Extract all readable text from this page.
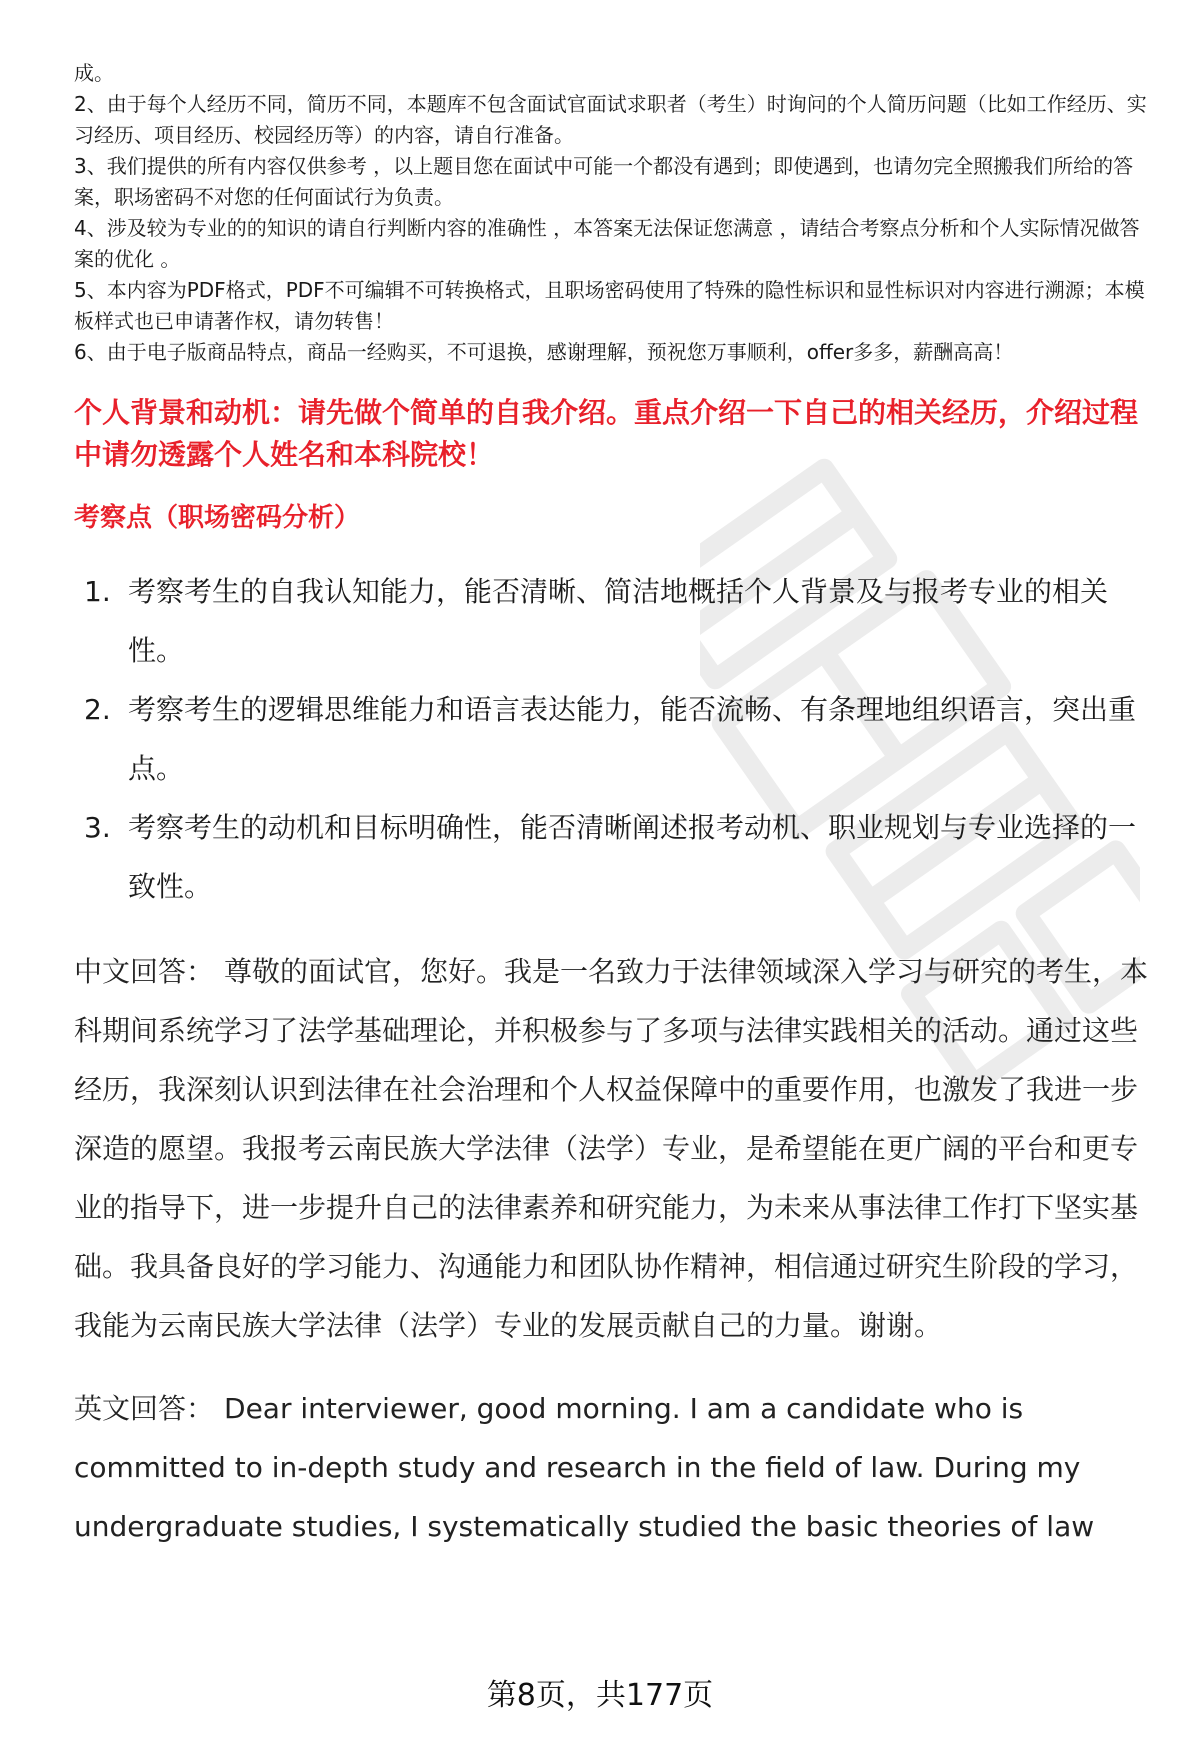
成。

2、由于每个人经历不同，简历不同，本题库不包含面试官面试求职者（考生）时询问的个人简历问题（比如工作经历、实习经历、项目经历、校园经历等）的内容，请自行准备。

3、我们提供的所有内容仅供参考 ，以上题目您在面试中可能一个都没有遇到；即使遇到，也请勿完全照搬我们所给的答案，职场密码不对您的任何面试行为负责。

4、涉及较为专业的的知识的请自行判断内容的准确性 ，本答案无法保证您满意 ，请结合考察点分析和个人实际情况做答案的优化 。

5、本内容为PDF格式，PDF不可编辑不可转换格式，且职场密码使用了特殊的隐性标识和显性标识对内容进行溯源；本模板样式也已申请著作权，请勿转售！

6、由于电子版商品特点，商品一经购买，不可退换，感谢理解，预祝您万事顺利，offer多多，薪酬高高！

个人背景和动机：请先做个简单的自我介绍。重点介绍一下自己的相关经历，介绍过程中请勿透露个人姓名和本科院校！
考察点（职场密码分析）
1. 考察考生的自我认知能力，能否清晰、简洁地概括个人背景及与报考专业的相关性。
2. 考察考生的逻辑思维能力和语言表达能力，能否流畅、有条理地组织语言，突出重点。
3. 考察考生的动机和目标明确性，能否清晰阐述报考动机、职业规划与专业选择的一致性。
中文回答： 尊敬的面试官，您好。我是一名致力于法律领域深入学习与研究的考生，本科期间系统学习了法学基础理论，并积极参与了多项与法律实践相关的活动。通过这些经历，我深刻认识到法律在社会治理和个人权益保障中的重要作用，也激发了我进一步深造的愿望。我报考云南民族大学法律（法学）专业，是希望能在更广阔的平台和更专业的指导下，进一步提升自己的法律素养和研究能力，为未来从事法律工作打下坚实基础。我具备良好的学习能力、沟通能力和团队协作精神，相信通过研究生阶段的学习，我能为云南民族大学法律（法学）专业的发展贡献自己的力量。谢谢。
英文回答： Dear interviewer, good morning. I am a candidate who is committed to in-depth study and research in the field of law. During my undergraduate studies, I systematically studied the basic theories of law
第8页，共177页
